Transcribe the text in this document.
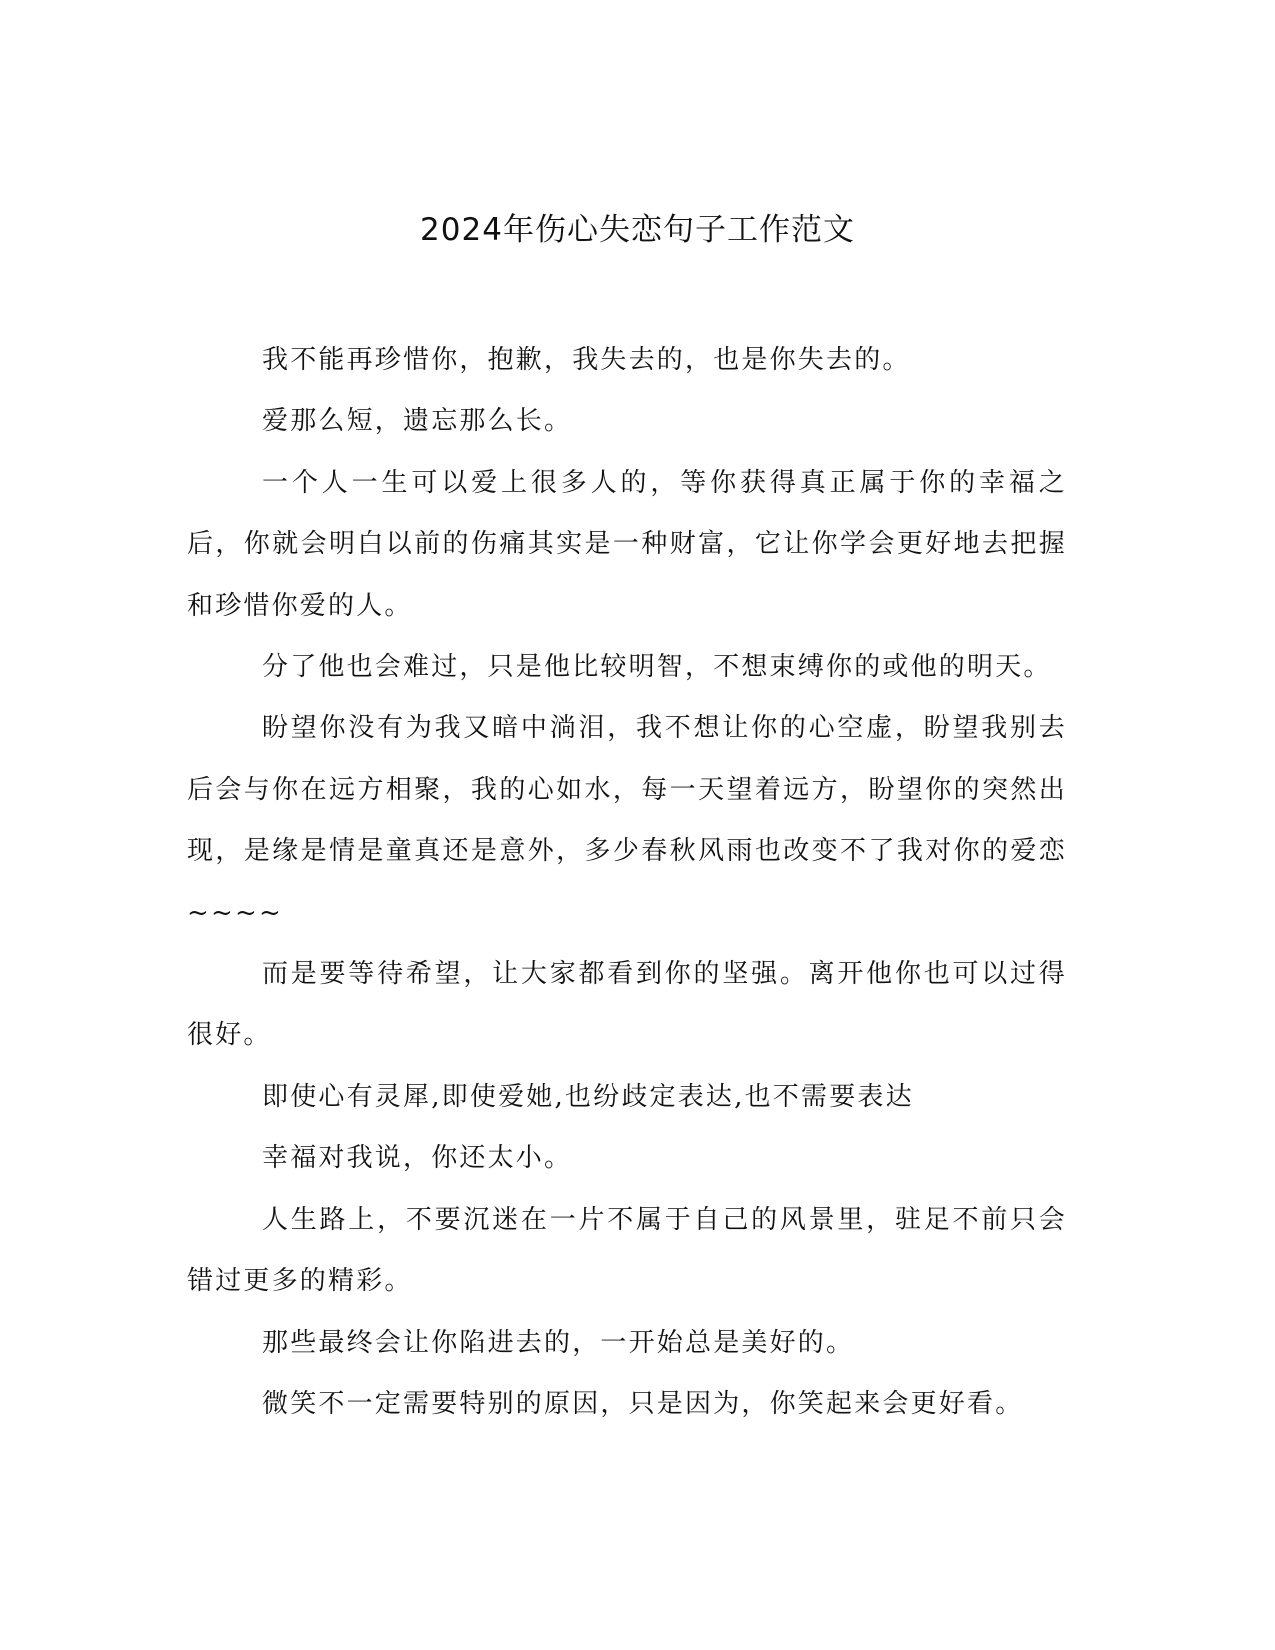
2024年伤心失恋句子工作范文

我不能再珍惜你，抱歉，我失去的，也是你失去的。

爱那么短，遗忘那么长。

一个人一生可以爱上很多人的，等你获得真正属于你的幸福之后，你就会明白以前的伤痛其实是一种财富，它让你学会更好地去把握和珍惜你爱的人。

分了他也会难过，只是他比较明智，不想束缚你的或他的明天。

盼望你没有为我又暗中淌泪，我不想让你的心空虚，盼望我别去后会与你在远方相聚，我的心如水，每一天望着远方，盼望你的突然出现，是缘是情是童真还是意外，多少春秋风雨也改变不了我对你的爱恋~~~~

而是要等待希望，让大家都看到你的坚强。离开他你也可以过得很好。

即使心有灵犀,即使爱她,也纷歧定表达,也不需要表达

幸福对我说，你还太小。

人生路上，不要沉迷在一片不属于自己的风景里，驻足不前只会错过更多的精彩。

那些最终会让你陷进去的，一开始总是美好的。

微笑不一定需要特别的原因，只是因为，你笑起来会更好看。
